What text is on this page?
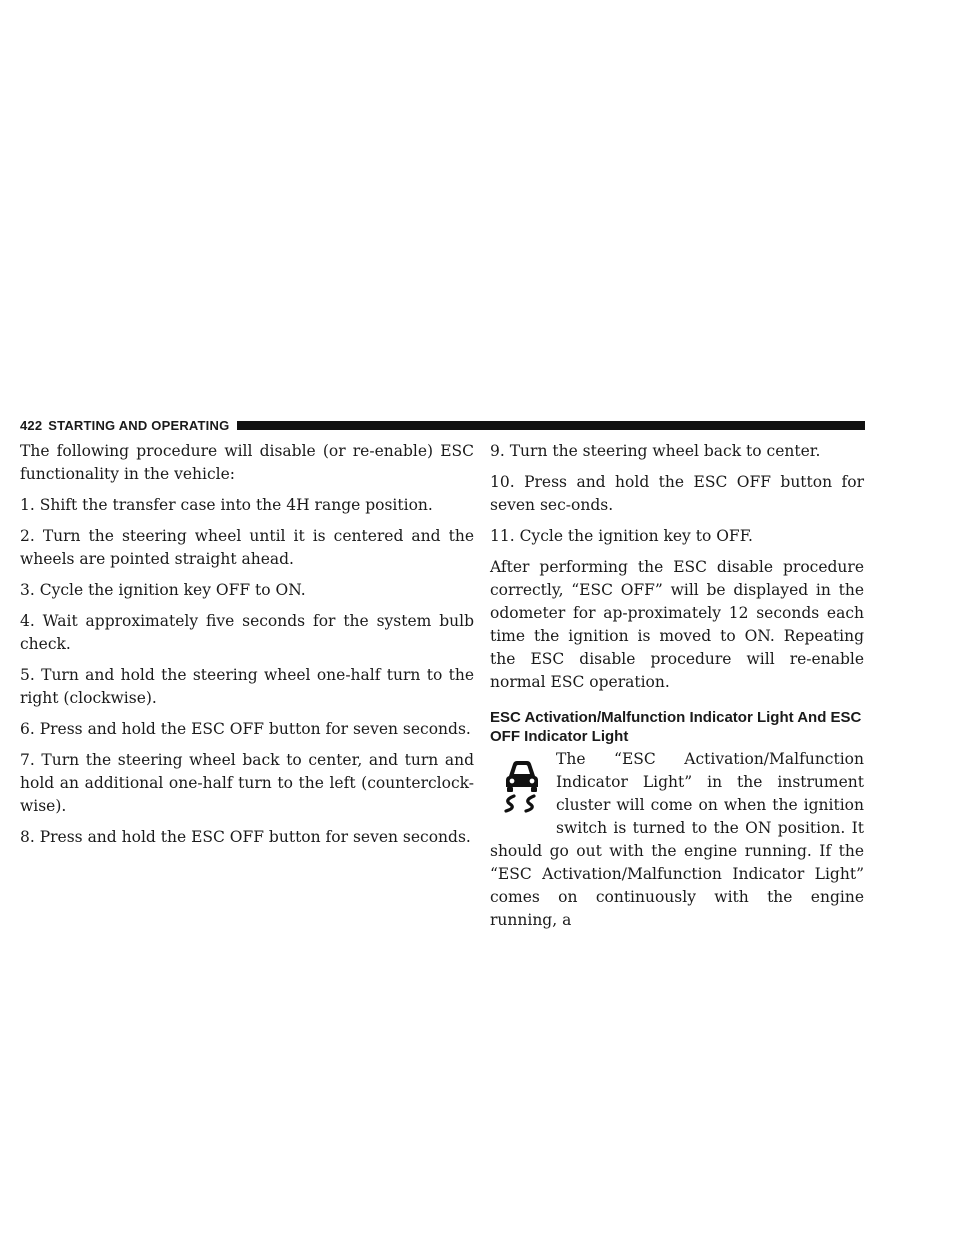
422 STARTING AND OPERATING

The following procedure will disable (or re-enable) ESC functionality in the vehicle:

1. Shift the transfer case into the 4H range position.

2. Turn the steering wheel until it is centered and the wheels are pointed straight ahead.

3. Cycle the ignition key OFF to ON.

4. Wait approximately five seconds for the system bulb check.

5. Turn and hold the steering wheel one-half turn to the right (clockwise).

6. Press and hold the ESC OFF button for seven seconds.

7. Turn the steering wheel back to center, and turn and hold an additional one-half turn to the left (counterclock-wise).

8. Press and hold the ESC OFF button for seven seconds.

9. Turn the steering wheel back to center.

10. Press and hold the ESC OFF button for seven sec-onds.

11. Cycle the ignition key to OFF.

After performing the ESC disable procedure correctly, “ESC OFF” will be displayed in the odometer for ap-proximately 12 seconds each time the ignition is moved to ON. Repeating the ESC disable procedure will re-enable normal ESC operation.

ESC Activation/Malfunction Indicator Light And ESC OFF Indicator Light

The “ESC Activation/Malfunction Indicator Light” in the instrument cluster will come on when the ignition switch is turned to the ON position. It should go out with the engine running. If the “ESC Activation/Malfunction Indicator Light” comes on continuously with the engine running, a
